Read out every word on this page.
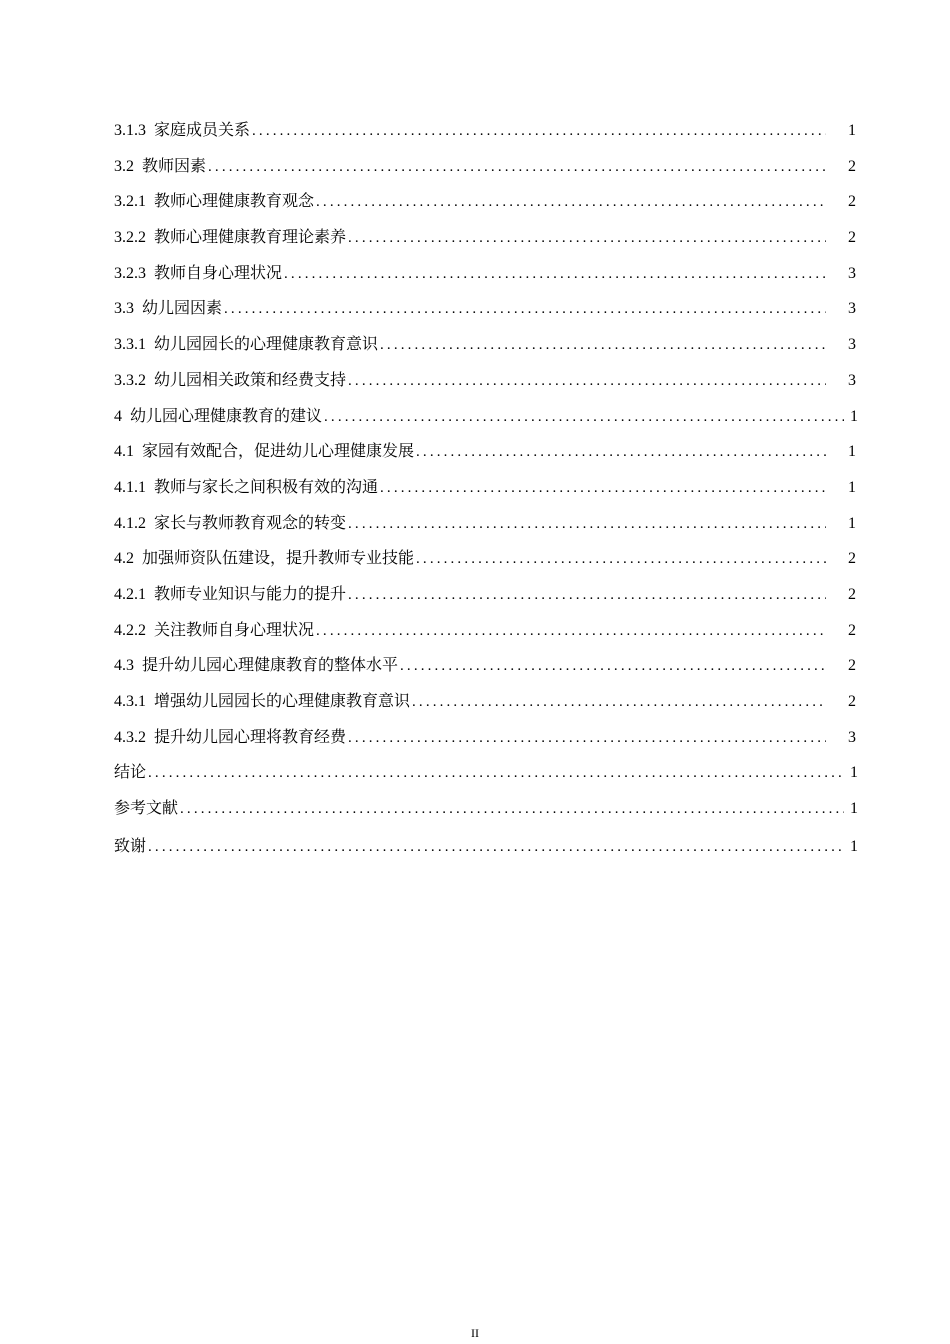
3.1.3 家庭成员关系 . . .	1
3.2 教师因素 . . .	2
3.2.1 教师心理健康教育观念 . . .	2
3.2.2 教师心理健康教育理论素养 . . .	2
3.2.3 教师自身心理状况 . . .	3
3.3 幼儿园因素 . . .	3
3.3.1 幼儿园园长的心理健康教育意识 . . .	3
3.3.2 幼儿园相关政策和经费支持 . . .	3
4 幼儿园心理健康教育的建议 . . .	1
4.1 家园有效配合，促进幼儿心理健康发展 . . .	1
4.1.1 教师与家长之间积极有效的沟通 . . .	1
4.1.2 家长与教师教育观念的转变 . . .	1
4.2 加强师资队伍建设，提升教师专业技能 . . .	2
4.2.1 教师专业知识与能力的提升 . . .	2
4.2.2 关注教师自身心理状况 . . .	2
4.3 提升幼儿园心理健康教育的整体水平 . . .	2
4.3.1 增强幼儿园园长的心理健康教育意识 . . .	2
4.3.2 提升幼儿园心理将教育经费 . . .	3
结论 . . .	1
参考文献 . . .	1
致谢 . . .	1
II
